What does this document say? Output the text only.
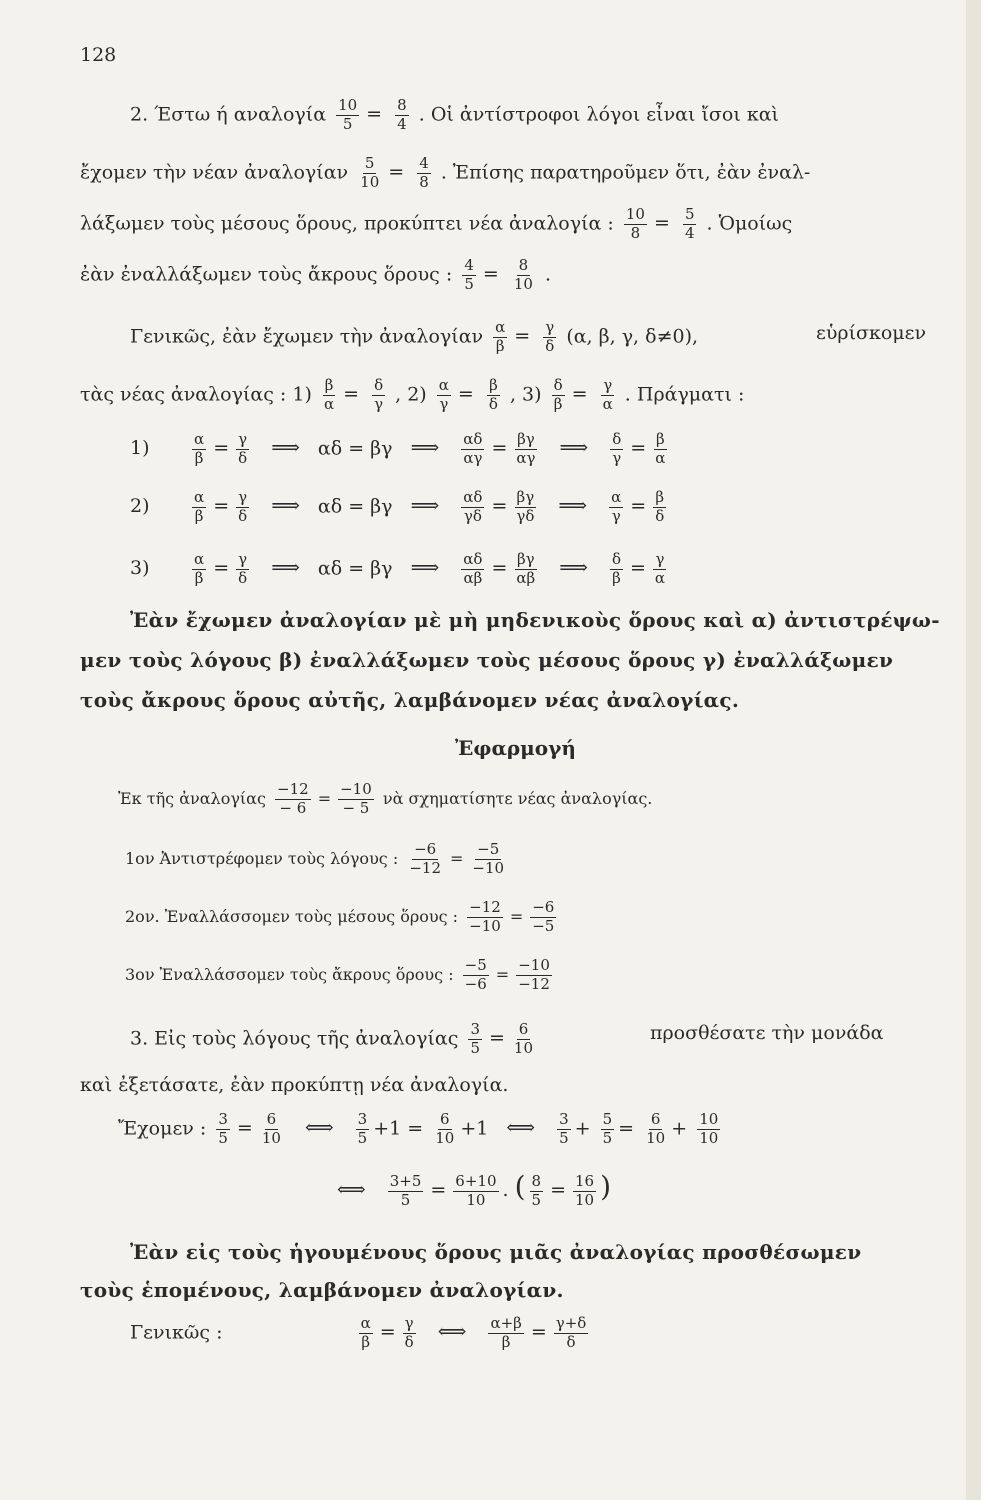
128
2. Έστω ή αναλογία $\frac{10}{5} = \frac{8}{4}$ . Οἱ ἀντίστροφοι λόγοι εἶναι ἴσοι καὶ
ἔχομεν τὴν νέαν ἀναλογίαν $\frac{5}{10} = \frac{4}{8}$ . Ἐπίσης παρατηροῦμεν ὅτι, ἐὰν ἐναλ-
λάξωμεν τοὺς μέσους ὅρους, προκύπτει νέα ἀναλογία : $\frac{10}{8} = \frac{5}{4}$ . Ὁμοίως
ἐὰν ἐναλλάξωμεν τοὺς ἄκρους ὅρους : $\frac{4}{5} = \frac{8}{10}$ .
Γενικῶς, ἐὰν ἔχωμεν τὴν ἀναλογίαν $\frac{\alpha}{\beta} = \frac{\gamma}{\delta} (\alpha$, β, γ, δ≠0),	εὑρίσκομεν
τὰς νέας ἀναλογίας : $1) \frac{\beta}{\alpha} = \frac{\delta}{\gamma}$ , $2) \frac{\alpha}{\gamma} = \frac{\beta}{\delta}$ , $3) \frac{\delta}{\beta} = \frac{\gamma}{\alpha}$ . Πράγματι :
1)	$\frac{\alpha}{\beta} = \frac{\gamma}{\delta}$ ⟹ αδ = βγ ⟹ $\frac{\alpha\delta}{\alpha\gamma} = \frac{\beta\gamma}{\alpha\gamma}$ ⟹ $\frac{\delta}{\gamma} = \frac{\beta}{\alpha}$
2)	$\frac{\alpha}{\beta} = \frac{\gamma}{\delta}$ ⟹ αδ = βγ ⟹ $\frac{\alpha\delta}{\gamma\delta} = \frac{\beta\gamma}{\gamma\delta}$ ⟹ $\frac{\alpha}{\gamma} = \frac{\beta}{\delta}$
3)	$\frac{\alpha}{\beta} = \frac{\gamma}{\delta}$ ⟹ αδ = βγ ⟹ $\frac{\alpha\delta}{\alpha\beta} = \frac{\beta\gamma}{\alpha\beta}$ ⟹ $\frac{\delta}{\beta} = \frac{\gamma}{\alpha}$
Ἐὰν ἔχωμεν ἀναλογίαν μὲ μὴ μηδενικοὺς ὅρους καὶ α) ἀντιστρέψω-
μεν τοὺς λόγους β) ἐναλλάξωμεν τοὺς μέσους ὅρους γ) ἐναλλάξωμεν
τοὺς ἄκρους ὅρους αὐτῆς, λαμβάνομεν νέας ἀναλογίας.
Ἐφαρμογή
Ἐκ τῆς ἀναλογίας $\frac{-12}{- 6} = \frac{-10}{- 5}$ νὰ σχηματίσητε νέας ἀναλογίας.
1ον Ἀντιστρέφομεν τοὺς λόγους : $\frac{-6}{-12} = \frac{-5}{-10}$
2ον. Ἐναλλάσσομεν τοὺς μέσους ὅρους : $\frac{-12}{-10} = \frac{-6}{-5}$
3ον Ἐναλλάσσομεν τοὺς ἄκρους ὅρους : $\frac{-5}{-6} = \frac{-10}{-12}$
3. Εἰς τοὺς λόγους τῆς ἀναλογίας $\frac{3}{5} = \frac{6}{10}$	προσθέσατε τὴν μονάδα
καὶ ἐξετάσατε, ἐὰν προκύπτῃ νέα ἀναλογία.
Ἔχομεν : $\frac{3}{5} = \frac{6}{10}$ ⟺ $\frac{3}{5} +1 = \frac{6}{10} +1$ ⟺ $\frac{3}{5} + \frac{5}{5} = \frac{6}{10} + \frac{10}{10}$
⟺ $\frac{3+5}{5} = \frac{6+10}{10}$ . ( $\frac{8}{5} = \frac{16}{10}$ )
Ἐὰν εἰς τοὺς ἡγουμένους ὅρους μιᾶς ἀναλογίας προσθέσωμεν
τοὺς ἑπομένους, λαμβάνομεν ἀναλογίαν.
Γενικῶς :	$\frac{\alpha}{\beta} = \frac{\gamma}{\delta}$ ⟺ $\frac{\alpha+\beta}{\beta} = \frac{\gamma+\delta}{\delta}$
